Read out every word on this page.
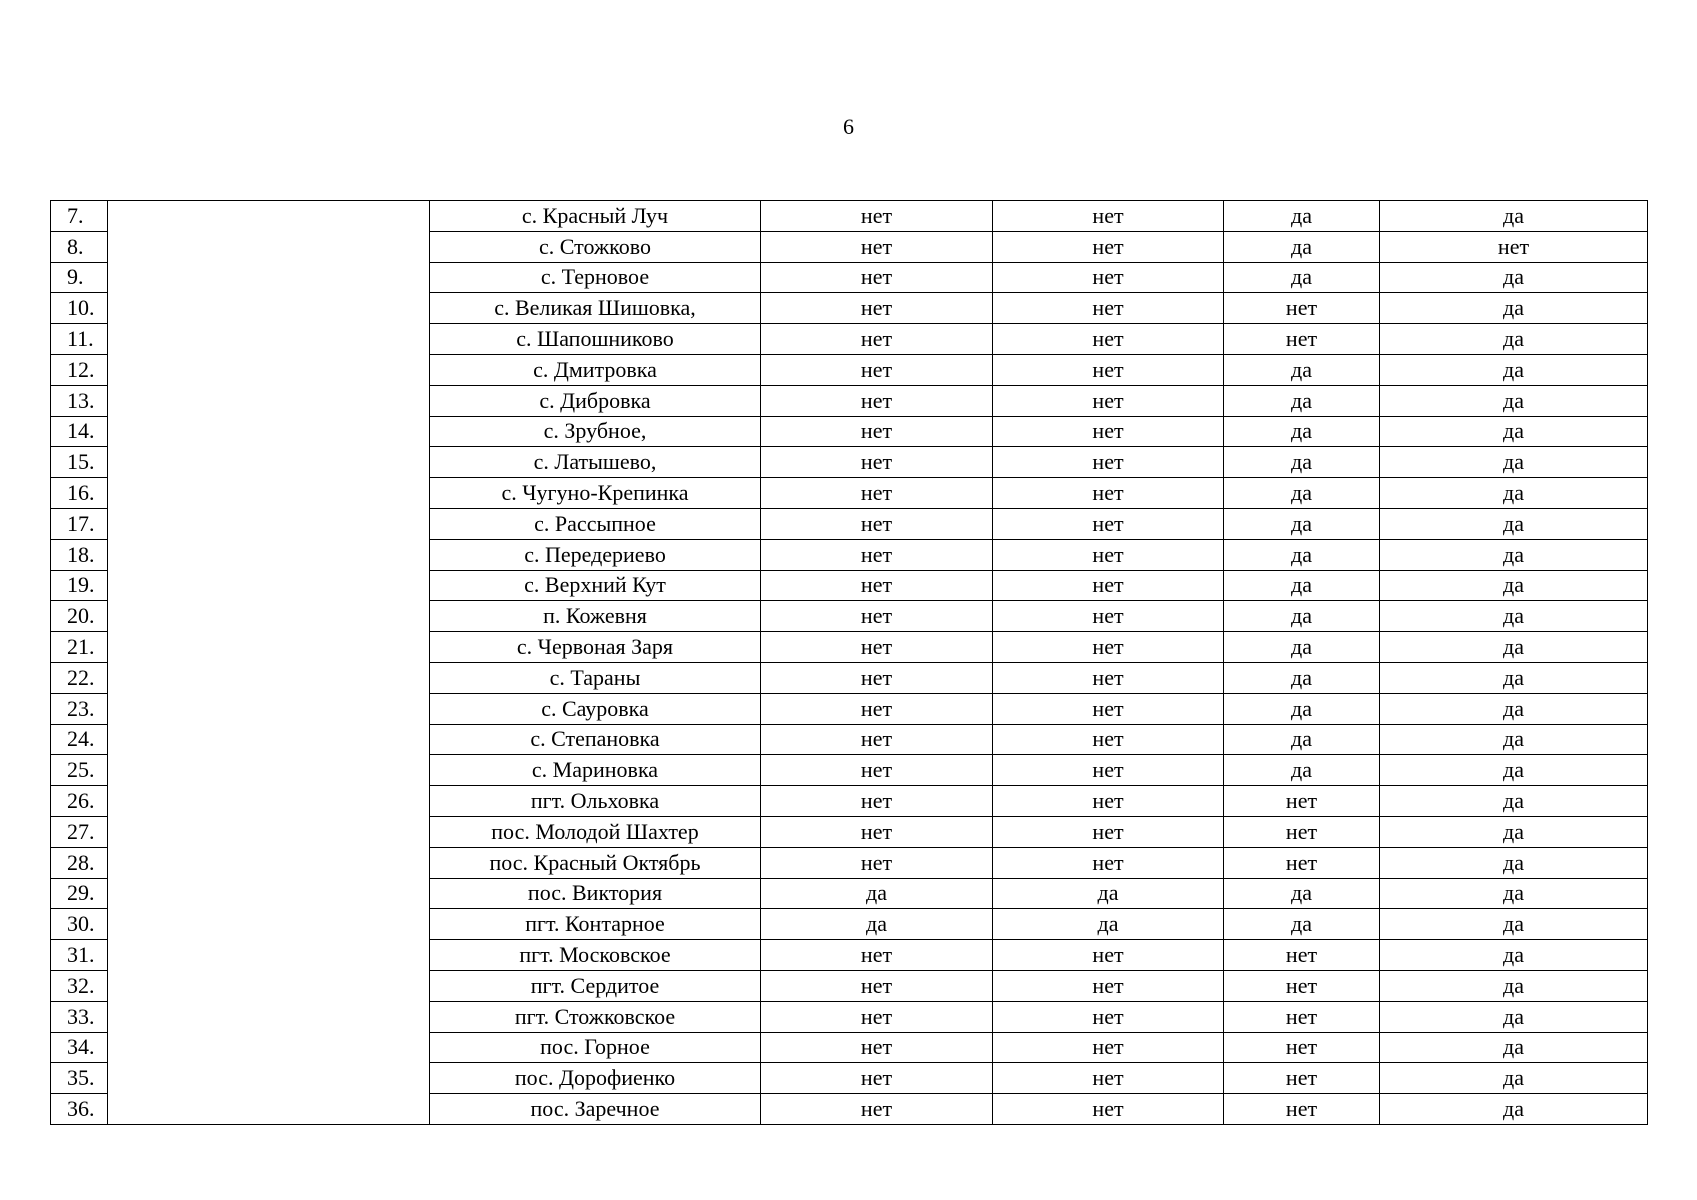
6
7.		с. Красный Луч	нет	нет	да	да
8.		с. Стожково	нет	нет	да	нет
9.		с. Терновое	нет	нет	да	да
10.		с. Великая Шишовка,	нет	нет	нет	да
11.		с. Шапошниково	нет	нет	нет	да
12.		с. Дмитровка	нет	нет	да	да
13.		с. Дибровка	нет	нет	да	да
14.		с. Зрубное,	нет	нет	да	да
15.		с. Латышево,	нет	нет	да	да
16.		с. Чугуно-Крепинка	нет	нет	да	да
17.		с. Рассыпное	нет	нет	да	да
18.		с. Передериево	нет	нет	да	да
19.		с. Верхний Кут	нет	нет	да	да
20.		п. Кожевня	нет	нет	да	да
21.		с. Червоная Заря	нет	нет	да	да
22.		с. Тараны	нет	нет	да	да
23.		с. Сауровка	нет	нет	да	да
24.		с. Степановка	нет	нет	да	да
25.		с. Мариновка	нет	нет	да	да
26.		пгт. Ольховка	нет	нет	нет	да
27.		пос. Молодой Шахтер	нет	нет	нет	да
28.		пос. Красный Октябрь	нет	нет	нет	да
29.		пос. Виктория	да	да	да	да
30.		пгт. Контарное	да	да	да	да
31.		пгт. Московское	нет	нет	нет	да
32.		пгт. Сердитое	нет	нет	нет	да
33.		пгт. Стожковское	нет	нет	нет	да
34.		пос. Горное	нет	нет	нет	да
35.		пос. Дорофиенко	нет	нет	нет	да
36.		пос. Заречное	нет	нет	нет	да
